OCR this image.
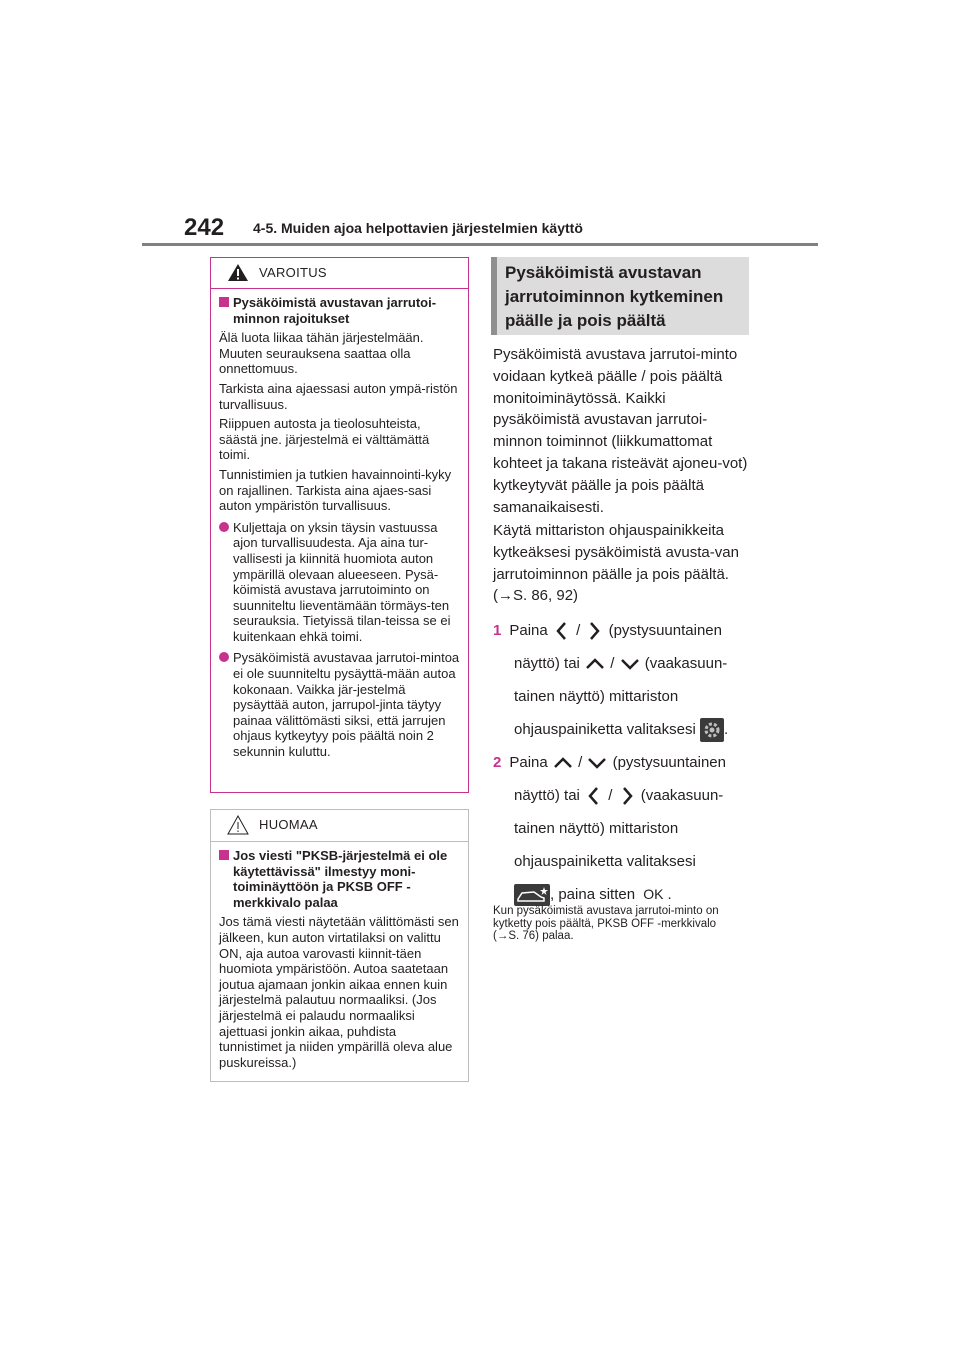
242 4-5. Muiden ajoa helpottavien järjestelmien käyttö
VAROITUS
Pysäköimistä avustavan jarrutoi-minnon rajoitukset

Älä luota liikaa tähän järjestelmään. Muuten seurauksena saattaa olla onnettomuus.

Tarkista aina ajaessasi auton ympä-ristön turvallisuus.

Riippuen autosta ja tieolosuhteista, säästä jne. järjestelmä ei välttämättä toimi.

Tunnistimien ja tutkien havainnointi-kyky on rajallinen. Tarkista aina ajaes-sasi auton ympäristön turvallisuus.

Kuljettaja on yksin täysin vastuussa ajon turvallisuudesta. Aja aina tur-vallisesti ja kiinnitä huomiota auton ympärillä olevaan alueeseen. Pysä-köimistä avustava jarrutoiminto on suunniteltu lieventämään törmäys-ten seurauksia. Tietyissä tilan-teissa se ei kuitenkaan ehkä toimi.
Pysäköimistä avustavaa jarrutoi-mintoa ei ole suunniteltu pysäyttä-mään autoa kokonaan. Vaikka jär-jestelmä pysäyttää auton, jarrupol-jinta täytyy painaa välittömästi siksi, että jarrujen ohjaus kytkeytyy pois päältä noin 2 sekunnin kuluttu.
HUOMAA
Jos viesti "PKSB-järjestelmä ei ole käytettävissä" ilmestyy moni-toiminäyttöön ja PKSB OFF -merkkivalo palaa

Jos tämä viesti näytetään välittömästi sen jälkeen, kun auton virtatilaksi on valittu ON, aja autoa varovasti kiinnit-täen huomiota ympäristöön. Autoa saatetaan joutua ajamaan jonkin aikaa ennen kuin järjestelmä palautuu normaaliksi. (Jos järjestelmä ei palaudu normaaliksi ajettuasi jonkin aikaa, puhdista tunnistimet ja niiden ympärillä oleva alue puskureissa.)

Pysäköimistä avustavan jarrutoiminnon kytkeminen päälle ja pois päältä
Pysäköimistä avustava jarrutoi-minto voidaan kytkeä päälle / pois päältä monitoiminäytössä. Kaikki pysäköimistä avustavan jarrutoi-minnon toiminnot (liikkumattomat kohteet ja takana risteävät ajoneu-vot) kytkeytyvät päälle ja pois päältä samanaikaisesti.
Käytä mittariston ohjauspainikkeita kytkeäksesi pysäköimistä avusta-van jarrutoiminnon päälle ja pois päältä. (→S. 86, 92)
1 Paina / (pystysuuntainen
näyttö) tai / (vaakasuun-
tainen näyttö) mittariston
ohjauspainiketta valitaksesi .
2 Paina / (pystysuuntainen
näyttö) tai / (vaakasuun-
tainen näyttö) mittariston
ohjauspainiketta valitaksesi
, paina sitten OK .
Kun pysäköimistä avustava jarrutoi-minto on kytketty pois päältä, PKSB OFF -merkkivalo (→S. 76) palaa.
